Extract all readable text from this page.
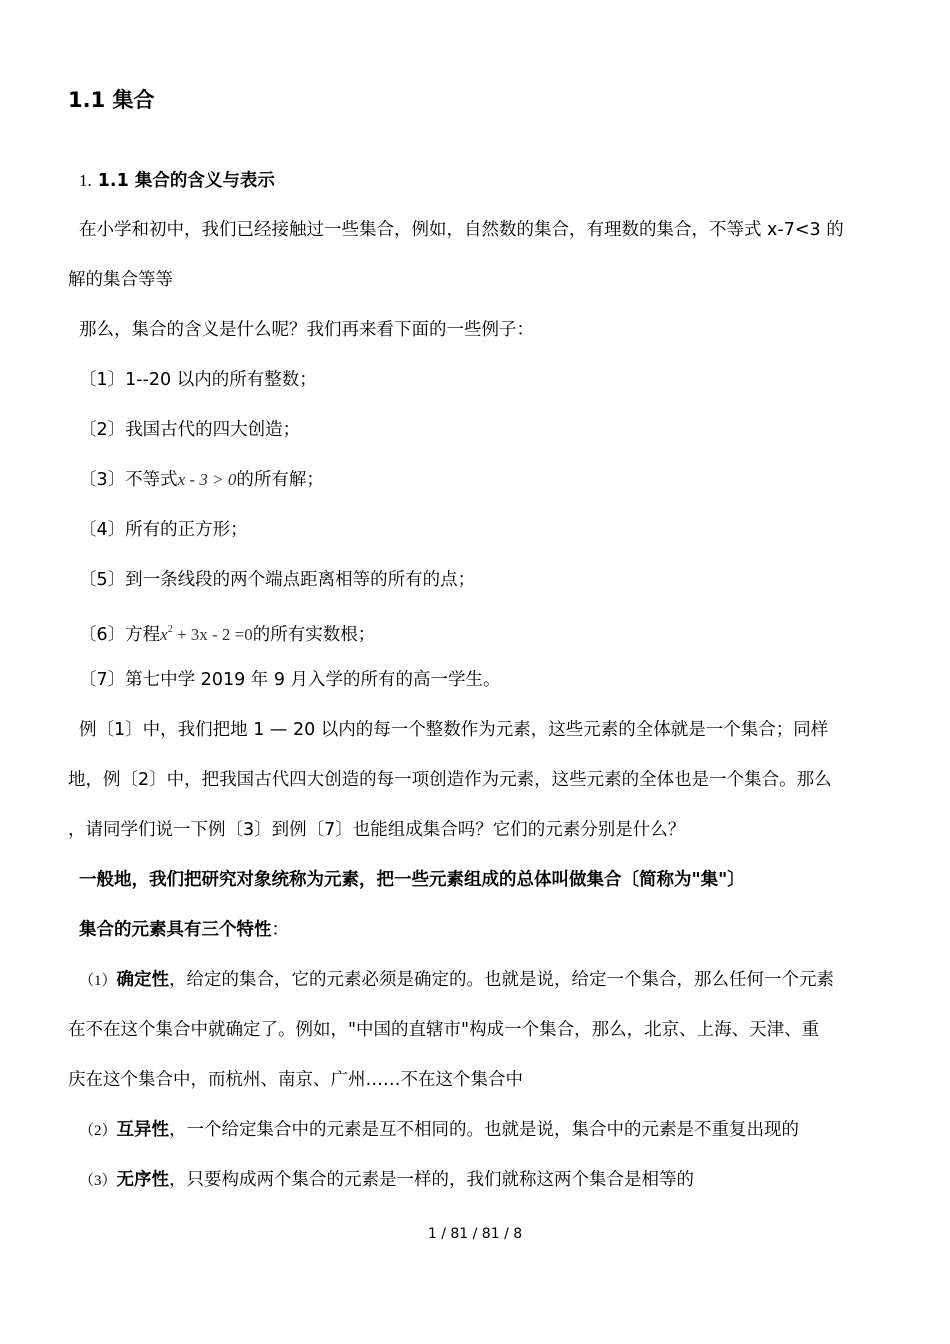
1.1 集合
1. 1.1 集合的含义与表示
在小学和初中，我们已经接触过一些集合，例如，自然数的集合，有理数的集合，不等式 x-7<3 的
解的集合等等
那么，集合的含义是什么呢？我们再来看下面的一些例子：
〔1〕1--20 以内的所有整数；
〔2〕我国古代的四大创造；
〔3〕不等式x - 3 > 0的所有解；
〔4〕所有的正方形；
〔5〕到一条线段的两个端点距离相等的所有的点；
〔6〕方程$x^2 + 3x - 2 =0$的所有实数根；
〔7〕第七中学 2019 年 9 月入学的所有的高一学生。
例〔1〕中，我们把地 1 — 20 以内的每一个整数作为元素，这些元素的全体就是一个集合；同样
地，例〔2〕中，把我国古代四大创造的每一项创造作为元素，这些元素的全体也是一个集合。那么
，请同学们说一下例〔3〕到例〔7〕也能组成集合吗？它们的元素分别是什么？
一般地，我们把研究对象统称为元素，把一些元素组成的总体叫做集合〔简称为"集"〕
集合的元素具有三个特性：
（1）确定性，给定的集合，它的元素必须是确定的。也就是说，给定一个集合，那么任何一个元素
在不在这个集合中就确定了。例如，"中国的直辖市"构成一个集合，那么，北京、上海、天津、重
庆在这个集合中，而杭州、南京、广州……不在这个集合中
（2）互异性，一个给定集合中的元素是互不相同的。也就是说，集合中的元素是不重复出现的
（3）无序性，只要构成两个集合的元素是一样的，我们就称这两个集合是相等的
1 / 81 / 81 / 8
